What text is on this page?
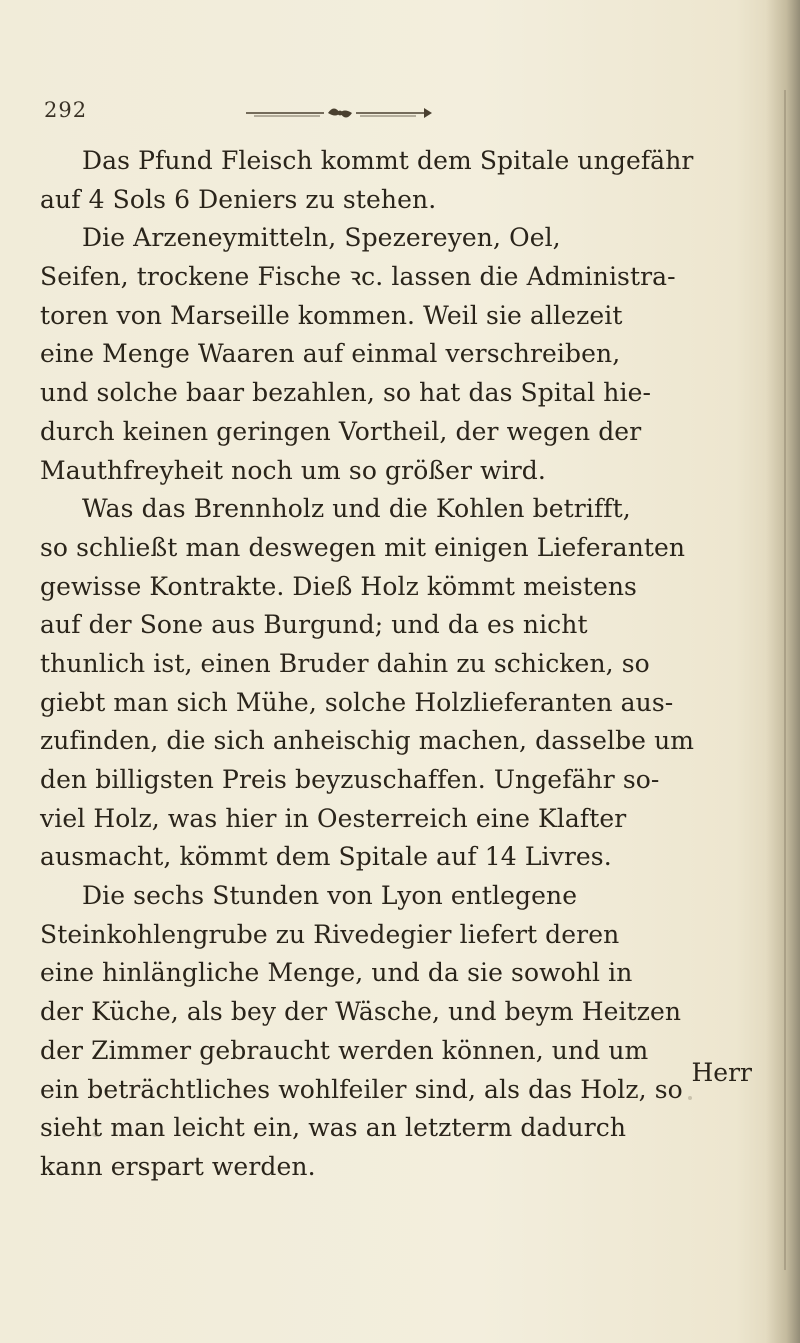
292
Das Pfund Fleisch kommt dem Spitale ungefähr
auf 4 Sols 6 Deniers zu stehen.
Die Arzeneymitteln, Spezereyen, Oel,
Seifen, trockene Fische ꝛc. lassen die Administra-
toren von Marseille kommen. Weil sie allezeit
eine Menge Waaren auf einmal verschreiben,
und solche baar bezahlen, so hat das Spital hie-
durch keinen geringen Vortheil, der wegen der
Mauthfreyheit noch um so größer wird.
Was das Brennholz und die Kohlen betrifft,
so schließt man deswegen mit einigen Lieferanten
gewisse Kontrakte. Dieß Holz kömmt meistens
auf der Sone aus Burgund; und da es nicht
thunlich ist, einen Bruder dahin zu schicken, so
giebt man sich Mühe, solche Holzlieferanten aus-
zufinden, die sich anheischig machen, dasselbe um
den billigsten Preis beyzuschaffen. Ungefähr so-
viel Holz, was hier in Oesterreich eine Klafter
ausmacht, kömmt dem Spitale auf 14 Livres.
Die sechs Stunden von Lyon entlegene
Steinkohlengrube zu Rivedegier liefert deren
eine hinlängliche Menge, und da sie sowohl in
der Küche, als bey der Wäsche, und beym Heitzen
der Zimmer gebraucht werden können, und um
ein beträchtliches wohlfeiler sind, als das Holz, so
sieht man leicht ein, was an letzterm dadurch
kann erspart werden.
Herr
